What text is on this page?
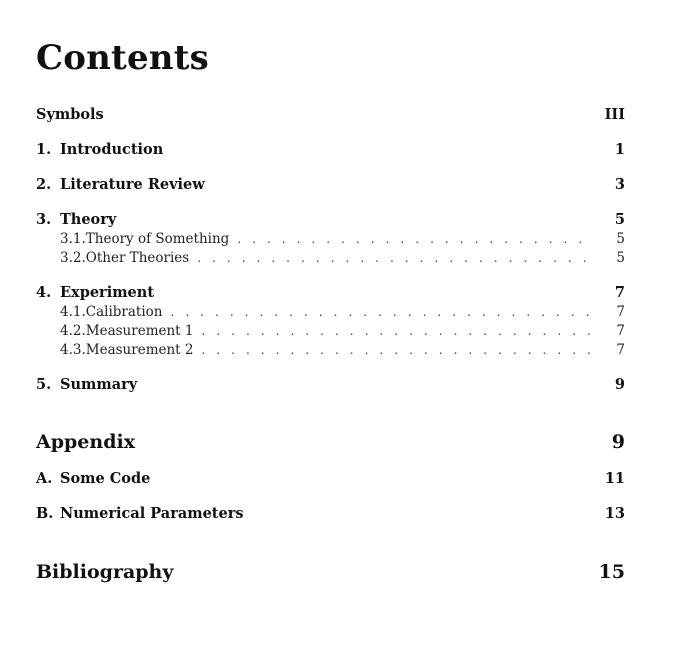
Contents
Symbols	III
1. Introduction	1
2. Literature Review	3
3. Theory	5
3.1. Theory of Something . . .	5
3.2. Other Theories . . .	5
4. Experiment	7
4.1. Calibration . . .	7
4.2. Measurement 1 . . .	7
4.3. Measurement 2 . . .	7
5. Summary	9
Appendix	9
A. Some Code	11
B. Numerical Parameters	13
Bibliography	15
